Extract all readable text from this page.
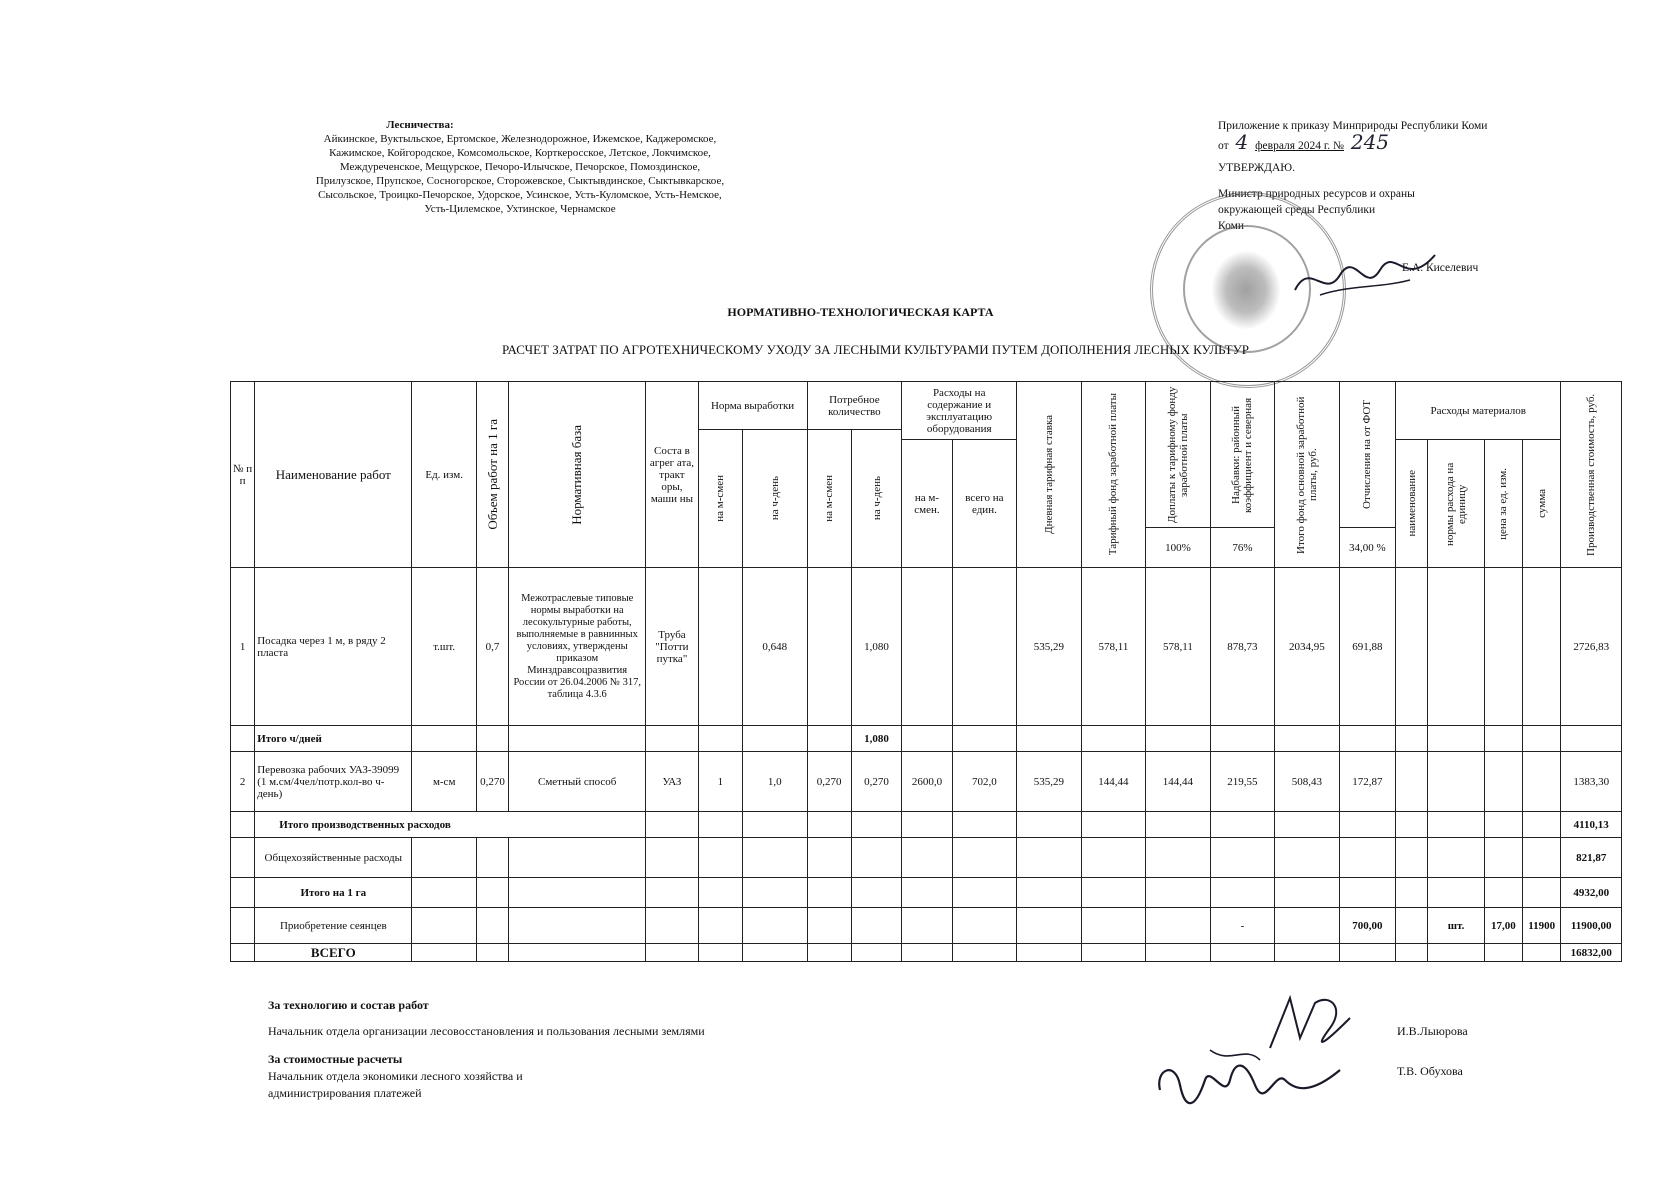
Лесничества:
Айкинское, Вуктыльское, Ертомское, Железнодорожное, Ижемское, Каджеромское,
Кажимское, Койгородское, Комсомольское, Корткеросское, Летское, Локчимское,
Междуреченское, Мещурское, Печоро-Илычское, Печорское, Помоздинское,
Прилузское, Прупское, Сосногорское, Сторожевское, Сыктывдинское, Сыктывкарское,
Сысольское, Троицко-Печорское, Удорское, Усинское, Усть-Куломское, Усть-Немское,
Усть-Цилемское, Ухтинское, Чернамское
Приложение к приказу Минприроды Республики Коми
от 4 февраля 2024 г. № 245
УТВЕРЖДАЮ.
Министр природных ресурсов и охраны
окружающей среды Республики
Коми
Е.А. Киселевич
НОРМАТИВНО-ТЕХНОЛОГИЧЕСКАЯ КАРТА
РАСЧЕТ ЗАТРАТ ПО АГРОТЕХНИЧЕСКОМУ УХОДУ ЗА ЛЕСНЫМИ КУЛЬТУРАМИ ПУТЕМ ДОПОЛНЕНИЯ ЛЕСНЫХ КУЛЬТУР
№ п п	Наименование работ	Ед. изм.	Объем работ на 1 га	Нормативная база	Соста в агрег ата, тракт оры, маши ны	Норма выработки		Потребное количество		Расходы на содержание и эксплуатацию оборудования		Дневная тарифная ставка	Тарифный фонд заработной платы	Доплаты к тарифному фонду заработной платы	Надбавки: районный коэффициент и северная	Итого фонд основной заработной платы, руб.	Отчисления на от ФОТ	Расходы материалов				Производственная стоимость, руб.

						на м-смен	на ч-день	на м-смен	на ч-день													

										на м-смен.	всего на един.							наименование	нормы расхода на единицу	цена за ед. изм.	сумма	

														100%	76%		34,00 %					
1	Посадка через 1 м, в ряду 2 пласта	т.шт.	0,7	Межотраслевые типовые нормы выработки на лесокультурные работы, выполняемые в равнинных условиях, утверждены приказом Минздравсоцразвития России от 26.04.2006 № 317, таблица 4.3.6	Труба "Потти путка"		0,648		1,080			535,29	578,11	578,11	878,73	2034,95	691,88					2726,83
	Итого ч/дней								1,080													
2	Перевозка рабочих УАЗ-39099 (1 м.см/4чел/потр.кол-во ч-день)	м-см	0,270	Сметный способ	УАЗ	1	1,0	0,270	0,270	2600,0	702,0	535,29	144,44	144,44	219,55	508,43	172,87					1383,30
	Итого производственных расходов																					4110,13
	Общехозяйственные расходы																					821,87
	Итого на 1 га																					4932,00
	Приобретение сеянцев														-		700,00		шт.	17,00	11900	11900,00
	ВСЕГО																					16832,00
За технологию и состав работ
Начальник отдела организации лесовосстановления и пользования лесными землями	И.В.Лыюрова
За стоимостные расчеты
Начальник отдела экономики лесного хозяйства и
администрирования платежей
Т.В. Обухова
